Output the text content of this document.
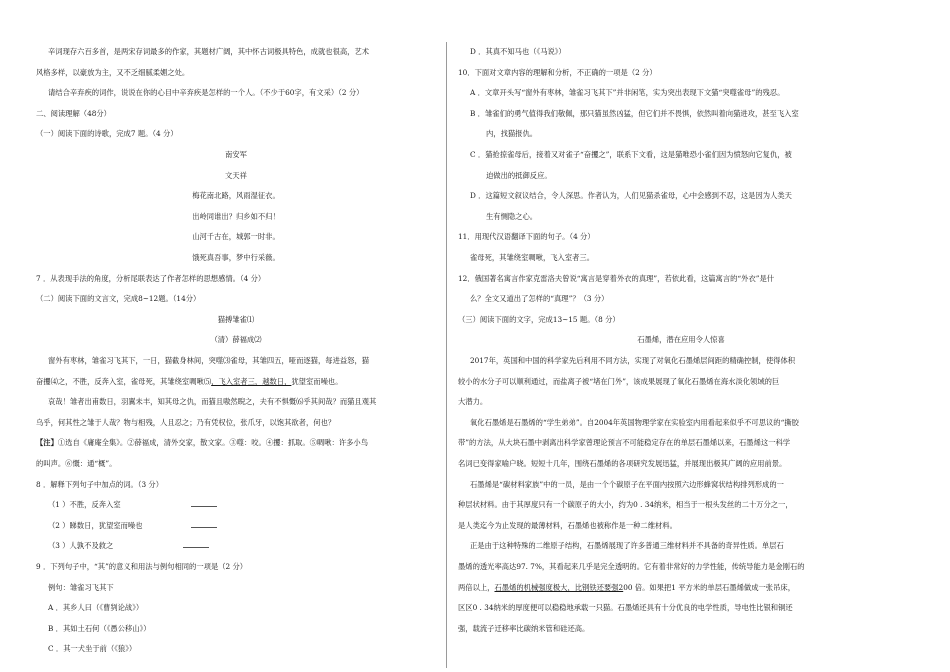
辛词现存六百多首，是两宋存词最多的作家，其题材广阔，其中怀古词极具特色，成就也很高，艺术
风格多样，以豪放为主，又不乏细腻柔媚之处。
请结合辛弃疾的词作，说说在你的心目中辛弃疾是怎样的一个人。（不少于60字，有文采）（2 分）
二、阅读理解（48分）
（一）阅读下面的诗歌，完成7 题。（4 分）
南安军
文天祥
梅花南北路，风雨湿征衣。
出岭同谁出？归乡如不归！
山河千古在，城郭一时非。
饿死真吾事，梦中行采薇。
7 ．从表现手法的角度，分析尾联表达了作者怎样的思想感情。（4 分）
（二）阅读下面的文言文，完成8~12题。（14分）
猫搏雏雀⑴
（清）薛福成⑵
窗外有枣林，雏雀习飞其下，一日，猫截身林间，突噬⑶雀母，其雏四五，哑而逐猫，每进益怒，猫
奋攫⑷之，不胜，反奔入室，雀母死，其雏绕室啁啾⑸，飞入室者三，越数日，犹望室而噪也。
哀哉！雏者出甫数日，羽翼未丰，知其母之仇，而猫且嗷然睨之，夫有不惧慨⑹乎其间哉？而猫且观其
乌乎，何其性之雏于人哉？物与相残，人且忍之；乃有凭权位，张爪牙，以饱其欲者，何也？
【注】①选自《庸庵全集》。②薛福成，清外交家，散文家。③噬：咬。④攫：抓取。⑤啁啾：许多小鸟
的叫声。⑥慨：通“概”。
8 ．解释下列句子中加点的词。（3 分）
（1 ）不胜，反奔入室
（2 ）睇数日，犹望室而噪也
（3 ）人孰不及救之
9 ．下列句子中，“其”的意义和用法与例句相同的一项是（2 分）
例句：雏雀习飞其下
A ．其乡人曰（《曹刿论战》）
B ．其如土石何（《愚公移山》）
C ．其一犬坐于前（《狼》）
D ．其真不知马也（《马说》）
10．下面对文章内容的理解和分析，不正确的一项是（2 分）
A ．文章开头写“窗外有枣林，雏雀习飞其下”并非闲笔，实为突出表现下文猫“突噬雀母”的残忍。
B ．雏雀们的勇气值得我们敬佩，那只猫虽然凶猛，但它们并不畏惧，依然叫着向猫进攻，甚至飞入室
内，找猫报仇。
C ．猫抢掠雀母后，接着又对雀子“奋攫之”，联系下文看，这是猫唯恐小雀们因为愤怒向它复仇，被
迫做出的抵御反应。
D ．这篇短文叙议结合，令人深思。作者认为，人们见猫杀雀母，心中会感到不忍，这是因为人类天
生有恻隐之心。
11．用现代汉语翻译下面的句子。（4 分）
雀母死，其雏绕室啁啾，飞入室者三。
12．俄国著名寓言作家克雷洛夫曾说“寓言是穿着外衣的真理”，若依此看，这篇寓言的“外衣”是什
么？全文又道出了怎样的“真理”？（3 分）
（三）阅读下面的文字，完成13~15 题。（8 分）
石墨烯，潜在应用令人惊喜
2017年，英国和中国的科学家先后利用不同方法，实现了对氧化石墨烯层间距的精确控制，使得体积
较小的水分子可以顺利通过，而盐离子被“堵在门外”，该成果展现了氧化石墨烯在海水淡化领域的巨
大潜力。
氧化石墨烯是石墨烯的“学生弟弟”。自2004年英国物理学家在实验室内用看起来似乎不可思议的“撕胶
带”的方法，从大块石墨中剥离出科学家曾理论预言不可能稳定存在的单层石墨烯以来，石墨烯这一科学
名词已变得家喻户晓。短短十几年，围绕石墨烯的各项研究发展迅猛，并展现出极其广阔的应用前景。
石墨烯是“碳材料家族”中的一员，是由一个个碳原子在平面内按照六边形蜂窝状结构排列形成的一
种层状材料。由于其厚度只有一个碳原子的大小，约为0 . 34纳米，相当于一根头发丝的二十万分之一，
是人类迄今为止发现的最薄材料，石墨烯也被称作是一种二维材料。
正是由于这种特殊的二维原子结构，石墨烯展现了许多普通三维材料并不具备的奇异性质。单层石
墨烯的透光率高达97. 7%，其看起来几乎是完全透明的。它有着非常好的力学性能，传统导能力是金刚石的
两倍以上，石墨烯的机械强度极大，比钢铁还要强200 倍。如果把1 平方米的单层石墨烯做成一张吊床，
区区0 . 34纳米的厚度便可以稳稳地承载一只猫。石墨烯还具有十分优良的电学性质，导电性比银和铜还
强，载流子迁移率比碳纳米管和硅还高。
